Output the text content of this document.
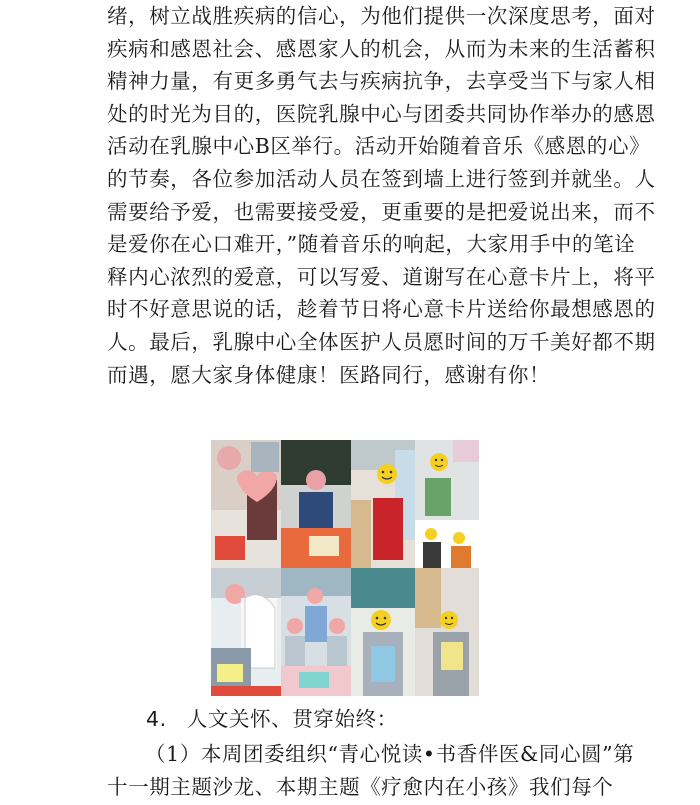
绪，树立战胜疾病的信心，为他们提供一次深度思考，面对
疾病和感恩社会、感恩家人的机会，从而为未来的生活蓄积
精神力量，有更多勇气去与疾病抗争，去享受当下与家人相
处的时光为目的，医院乳腺中心与团委共同协作举办的感恩
活动在乳腺中心B区举行。活动开始随着音乐《感恩的心》
的节奏，各位参加活动人员在签到墙上进行签到并就坐。人
需要给予爱，也需要接受爱，更重要的是把爱说出来，而不
是爱你在心口难开，”随着音乐的响起，大家用手中的笔诠
释内心浓烈的爱意，可以写爱、道谢写在心意卡片上，将平
时不好意思说的话，趁着节日将心意卡片送给你最想感恩的
人。最后，乳腺中心全体医护人员愿时间的万千美好都不期
而遇，愿大家身体健康！医路同行，感谢有你！
4. 人文关怀、贯穿始终：
（1）本周团委组织“青心悦读•书香伴医&同心圆”第
十一期主题沙龙、本期主题《疗愈内在小孩》我们每个
